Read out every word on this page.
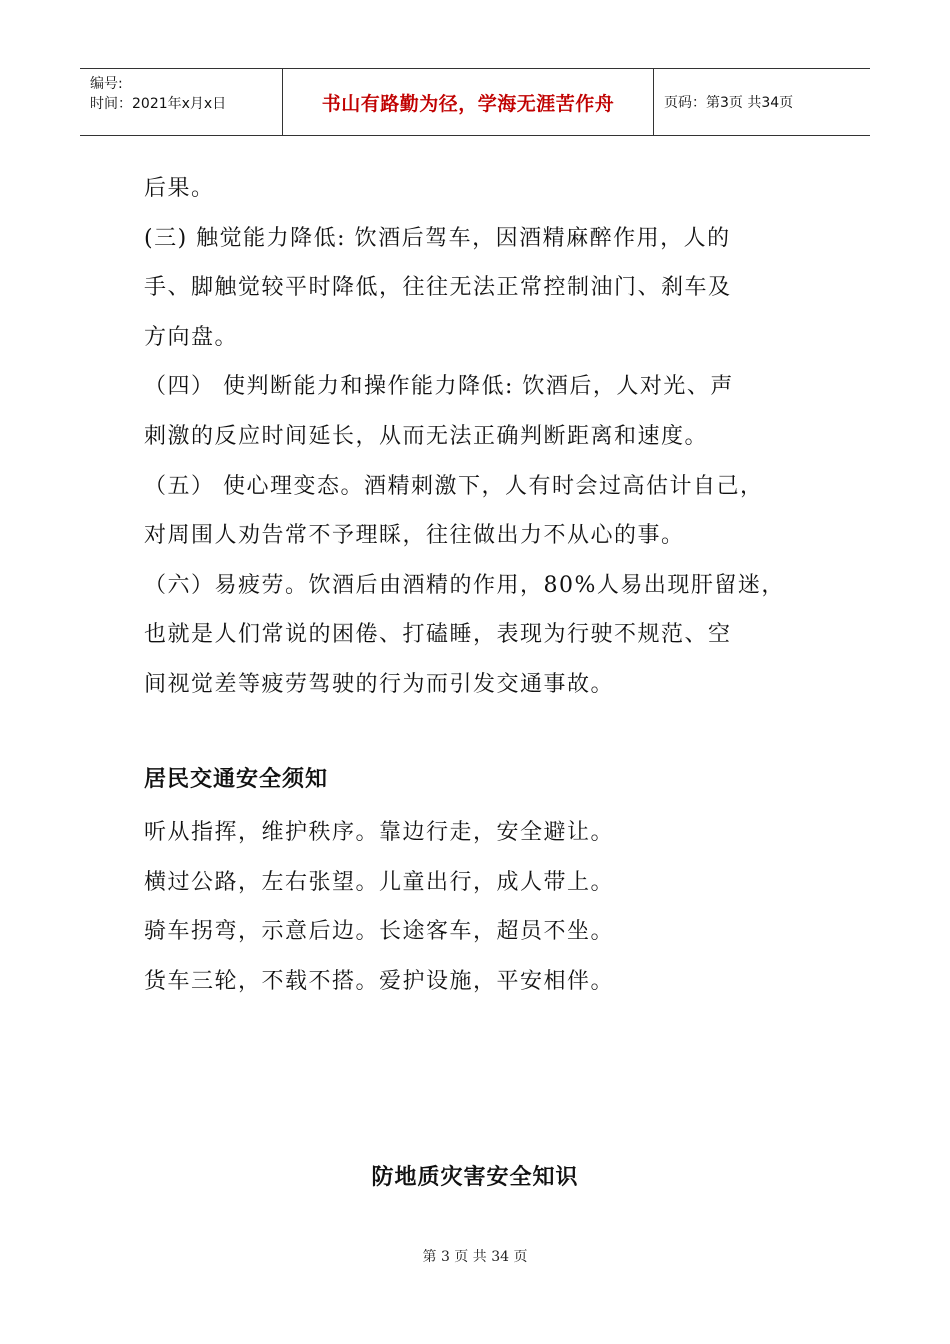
编号:
时间：2021年x月x日	书山有路勤为径，学海无涯苦作舟	页码：第3页 共34页
后果。
(三) 触觉能力降低: 饮酒后驾车，因酒精麻醉作用，人的
手、脚触觉较平时降低，往往无法正常控制油门、刹车及
方向盘。
（四） 使判断能力和操作能力降低: 饮酒后，人对光、声
刺激的反应时间延长，从而无法正确判断距离和速度。
（五） 使心理变态。酒精刺激下，人有时会过高估计自己，
对周围人劝告常不予理睬，往往做出力不从心的事。
（六）易疲劳。饮酒后由酒精的作用，80%人易出现肝留迷，
也就是人们常说的困倦、打磕睡，表现为行驶不规范、空
间视觉差等疲劳驾驶的行为而引发交通事故。
居民交通安全须知
听从指挥，维护秩序。靠边行走，安全避让。
横过公路，左右张望。儿童出行，成人带上。
骑车拐弯，示意后边。长途客车，超员不坐。
货车三轮，不载不搭。爱护设施，平安相伴。
防地质灾害安全知识
第 3 页 共 34 页
